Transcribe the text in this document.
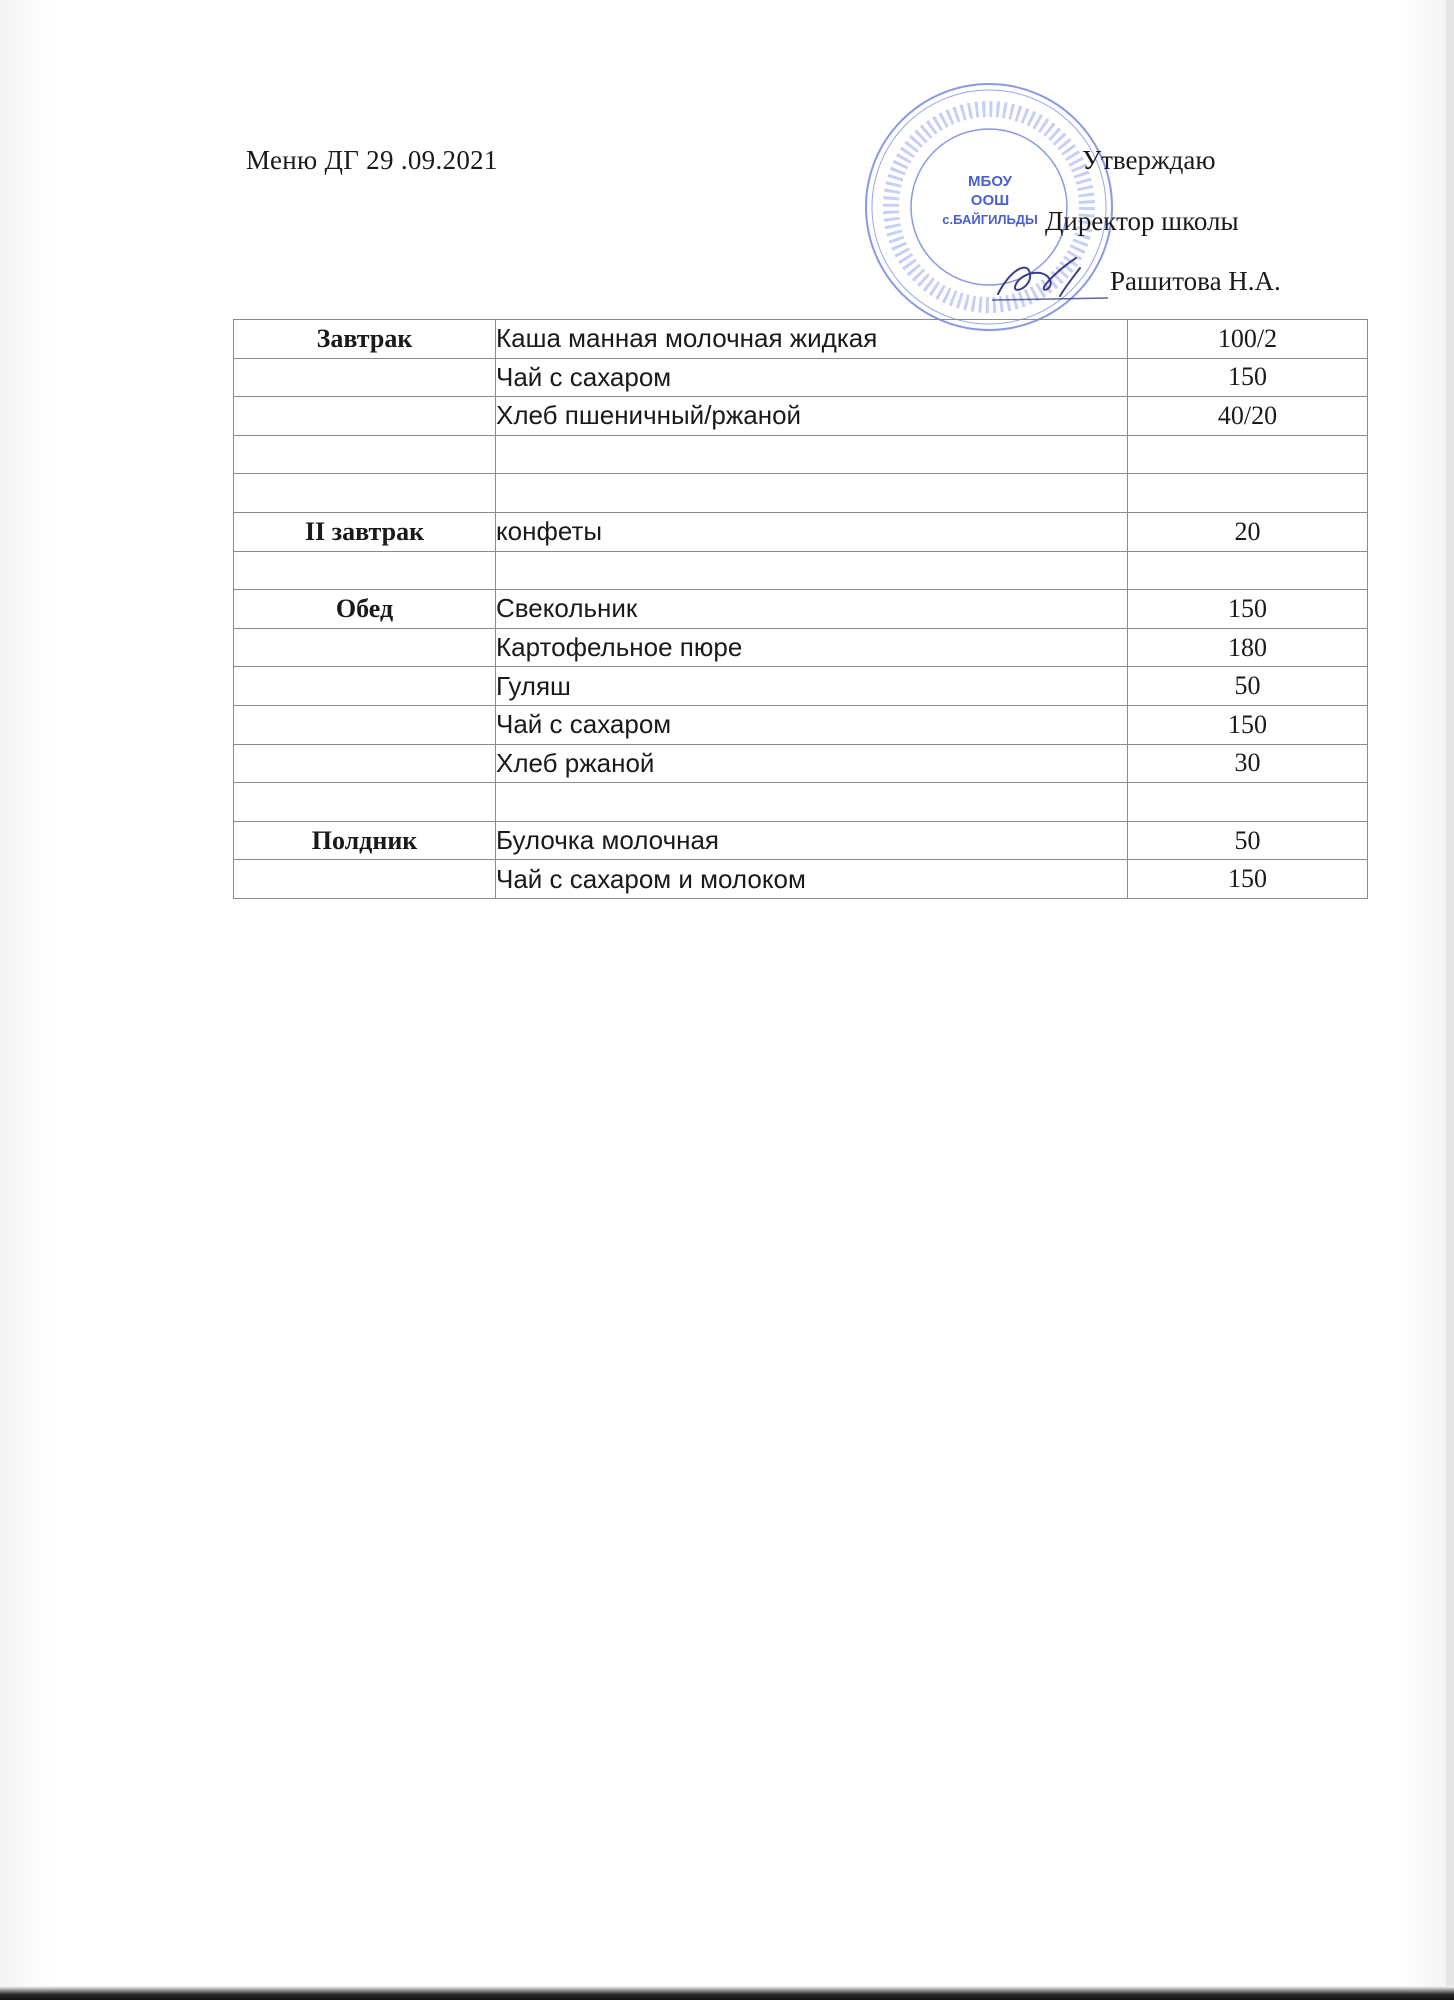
Меню ДГ 29 .09.2021
МБОУ
ООШ
с.БАЙГИЛЬДЫ
Утверждаю
Директор школы
Рашитова Н.А.
Завтрак	Каша манная молочная жидкая	100/2
	Чай с сахаром	150
	Хлеб пшеничный/ржаной	40/20

II завтрак	конфеты	20

Обед	Свекольник	150
	Картофельное пюре	180
	Гуляш	50
	Чай с сахаром	150
	Хлеб ржаной	30

Полдник	Булочка молочная	50
	Чай с сахаром и молоком	150
